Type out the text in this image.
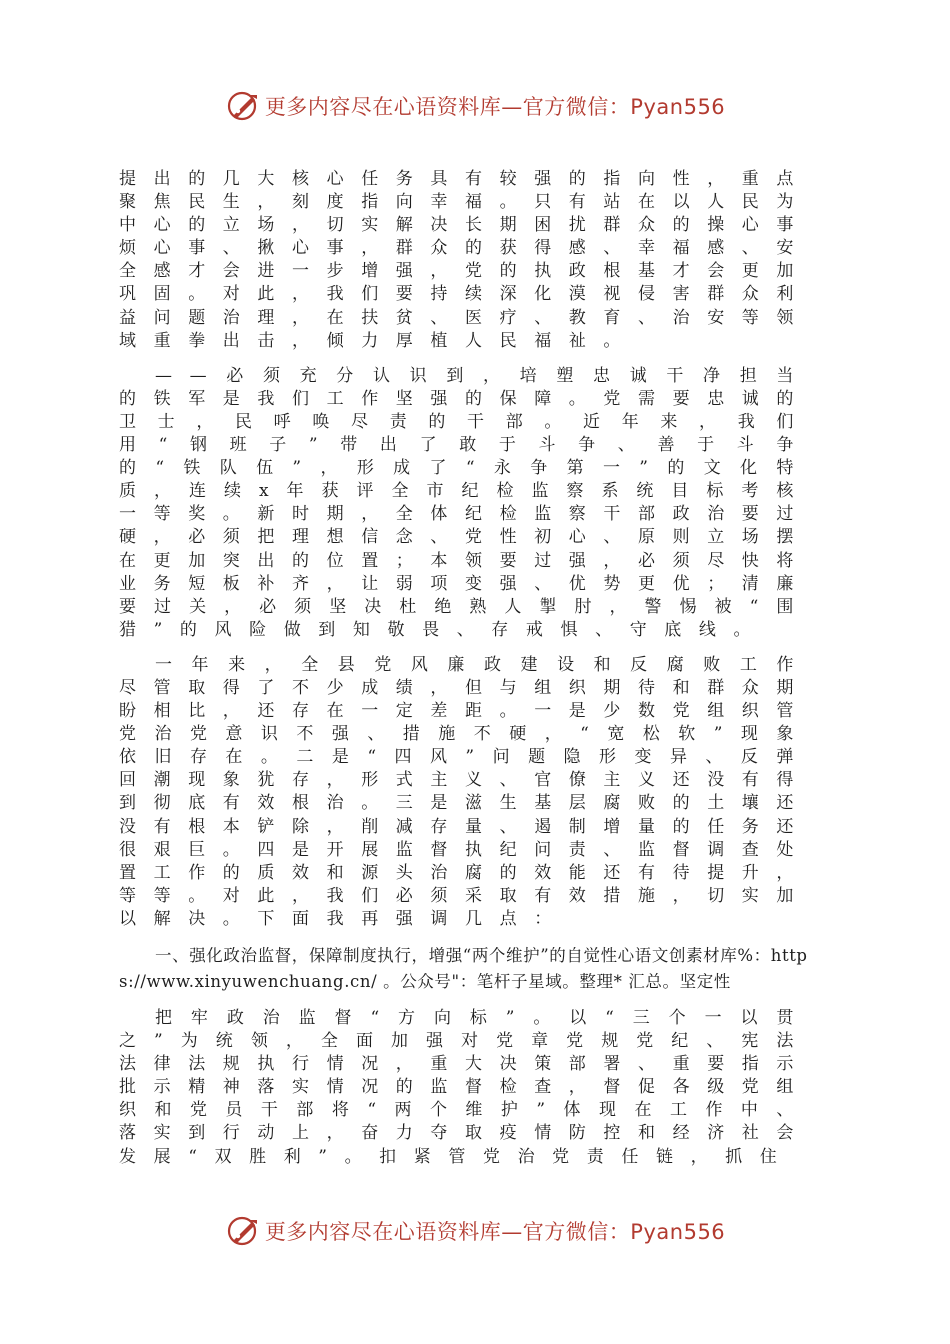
更多内容尽在心语资料库—官方微信：Pyan556

提出的几大核心任务具有较强的指向性，重点聚焦民生，刻度指向幸福。只有站在以人民为中心的立场，切实解决长期困扰群众的操心事烦心事、揪心事，群众的获得感、幸福感、安全感才会进一步增强，党的执政根基才会更加巩固。对此，我们要持续深化漠视侵害群众利益问题治理，在扶贫、医疗、教育、治安等领域重拳出击，倾力厚植人民福祉。

——必须充分认识到，培塑忠诚干净担当的铁军是我们工作坚强的保障。党需要忠诚的卫士，民呼唤尽责的干部。近年来，我们用“钢班子”带出了敢于斗争、善于斗争的“铁队伍”，形成了“永争第一”的文化特质，连续x年获评全市纪检监察系统目标考核一等奖。新时期，全体纪检监察干部政治要过硬，必须把理想信念、党性初心、原则立场摆在更加突出的位置；本领要过强，必须尽快将业务短板补齐，让弱项变强、优势更优；清廉要过关，必须坚决杜绝熟人掣肘，警惕被“围猎”的风险做到知敬畏、存戒惧、守底线。

一年来，全县党风廉政建设和反腐败工作尽管取得了不少成绩，但与组织期待和群众期盼相比，还存在一定差距。一是少数党组织管党治党意识不强、措施不硬，“宽松软”现象依旧存在。二是“四风”问题隐形变异、反弹回潮现象犹存，形式主义、官僚主义还没有得到彻底有效根治。三是滋生基层腐败的土壤还没有根本铲除，削减存量、遏制增量的任务还很艰巨。四是开展监督执纪问责、监督调查处置工作的质效和源头治腐的效能还有待提升，等等。对此，我们必须采取有效措施，切实加以解决。下面我再强调几点：

一、强化政治监督，保障制度执行，增强“两个维护”的自觉性心语文创素材库%：https://www.xinyuwenchuang.cn/ 。公众号"：笔杆子星域。整理* 汇总。坚定性

把牢政治监督“方向标”。以“三个一以贯之”为统领，全面加强对党章党规党纪、宪法法律法规执行情况，重大决策部署、重要指示批示精神落实情况的监督检查，督促各级党组织和党员干部将“两个维护”体现在工作中、落实到行动上，奋力夺取疫情防控和经济社会发展“双胜利”。扣紧管党治党责任链，抓住

更多内容尽在心语资料库—官方微信：Pyan556
